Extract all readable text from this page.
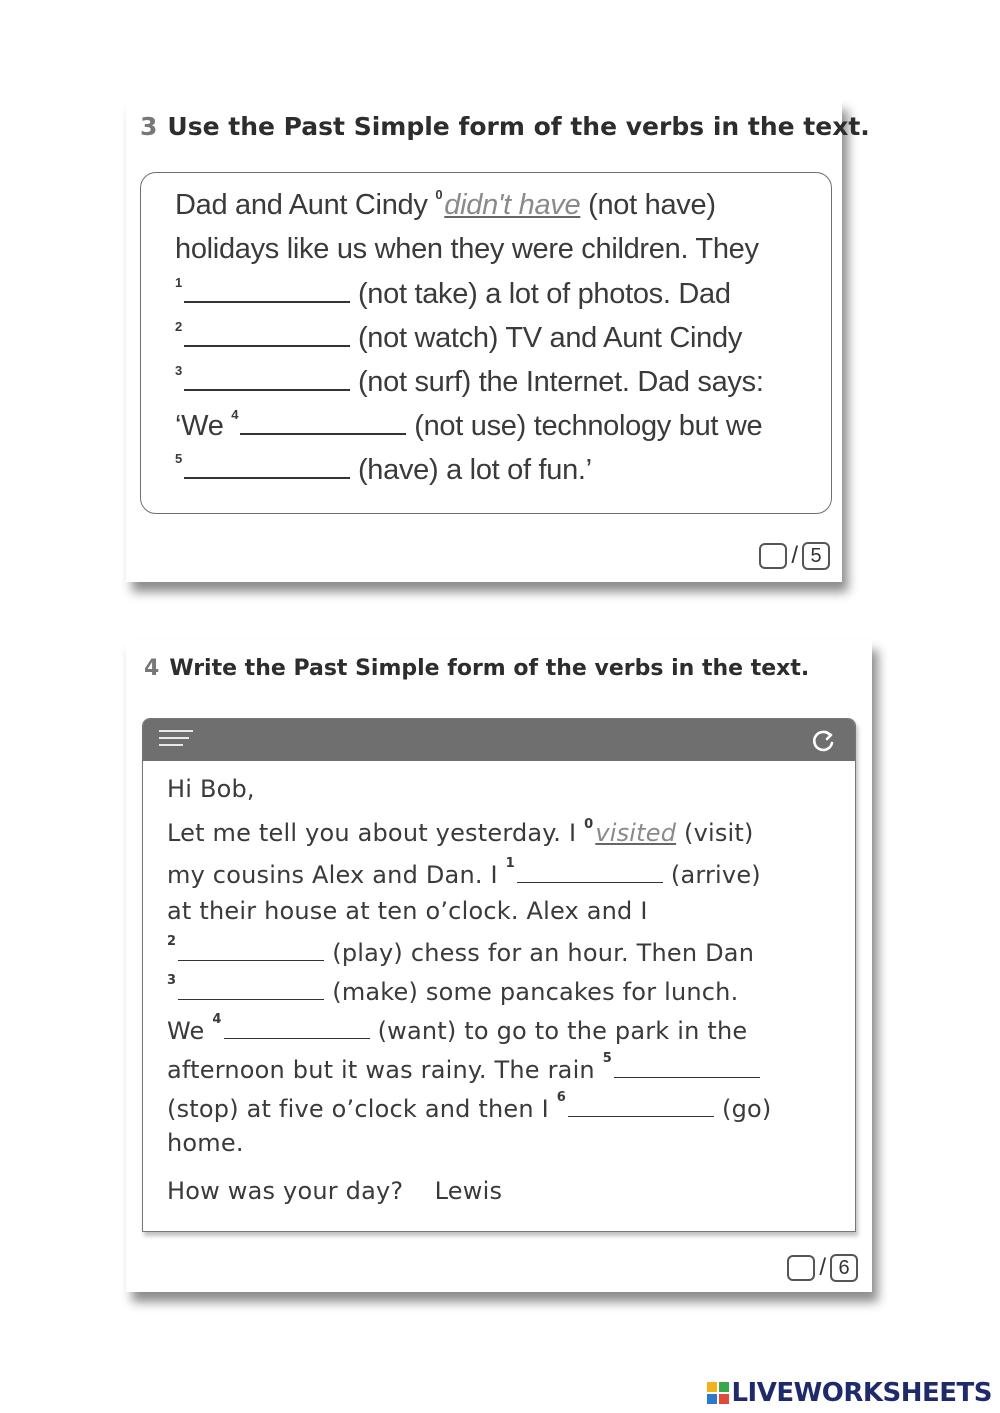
3 Use the Past Simple form of the verbs in the text.
Dad and Aunt Cindy $^0$didn't have (not have)
holidays like us when they were children. They
$^1$	(not take) a lot of photos. Dad
$^2$	(not watch) TV and Aunt Cindy
$^3$	(not surf) the Internet. Dad says:
‘We $^4$	(not use) technology but we
$^5$	(have) a lot of fun.’
/ 5
4 Write the Past Simple form of the verbs in the text.
Hi Bob,
Let me tell you about yesterday. I $^0$visited (visit)
my cousins Alex and Dan. I $^1$	(arrive)
at their house at ten o’clock. Alex and I
$^2$	(play) chess for an hour. Then Dan
$^3$	(make) some pancakes for lunch.
We $^4$	(want) to go to the park in the
afternoon but it was rainy. The rain $^5$
(stop) at five o’clock and then I $^6$	(go)
home.
How was your day?    Lewis
/ 6
LIVEWORKSHEETS
